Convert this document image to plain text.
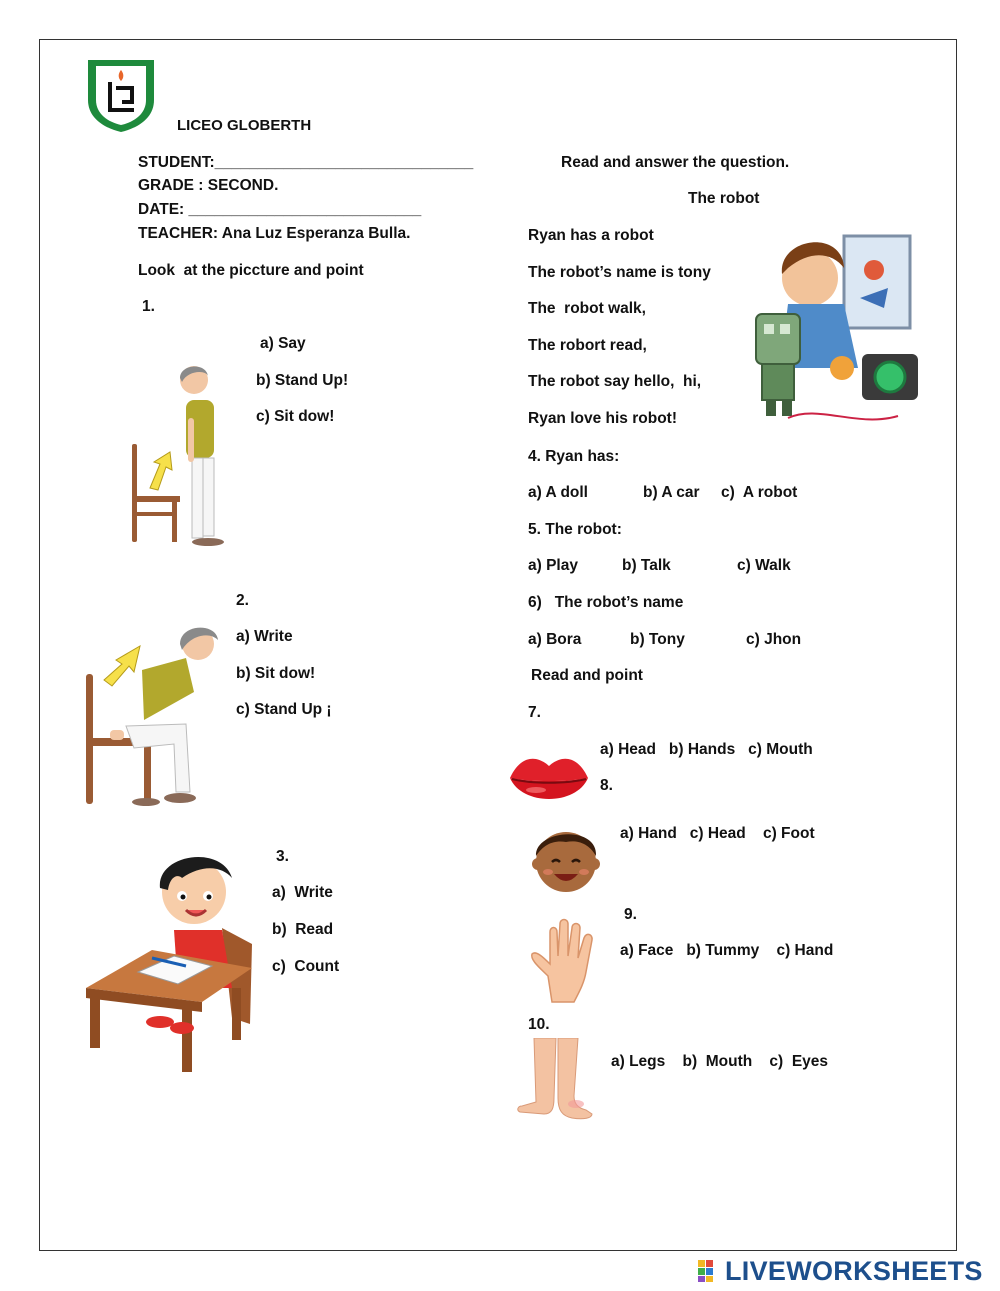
LICEO GLOBERTH
STUDENT:______________________________
GRADE : SECOND.
DATE: ___________________________
TEACHER: Ana Luz Esperanza Bulla.
Look  at the piccture and point
1.
a) Say
b) Stand Up!
c) Sit dow!
2.
a) Write
b) Sit dow!
c) Stand Up ¡
3.
a)  Write
b)  Read
c)  Count
Read and answer the question.
The robot
Ryan has a robot
The robot’s name is tony
The  robot walk,
The robort read,
The robot say hello,  hi,
Ryan love his robot!
4. Ryan has:
a) A doll	b) A car c)  A robot
5. The robot:
a) Play	b) Talk	c) Walk
6)   The robot’s name
a) Bora	b) Tony	c) Jhon
Read and point
7.
a) Head   b) Hands   c) Mouth
8.
a) Hand   c) Head    c) Foot
9.
a) Face   b) Tummy    c) Hand
10.
a) Legs    b)  Mouth    c)  Eyes
LIVEWORKSHEETS
